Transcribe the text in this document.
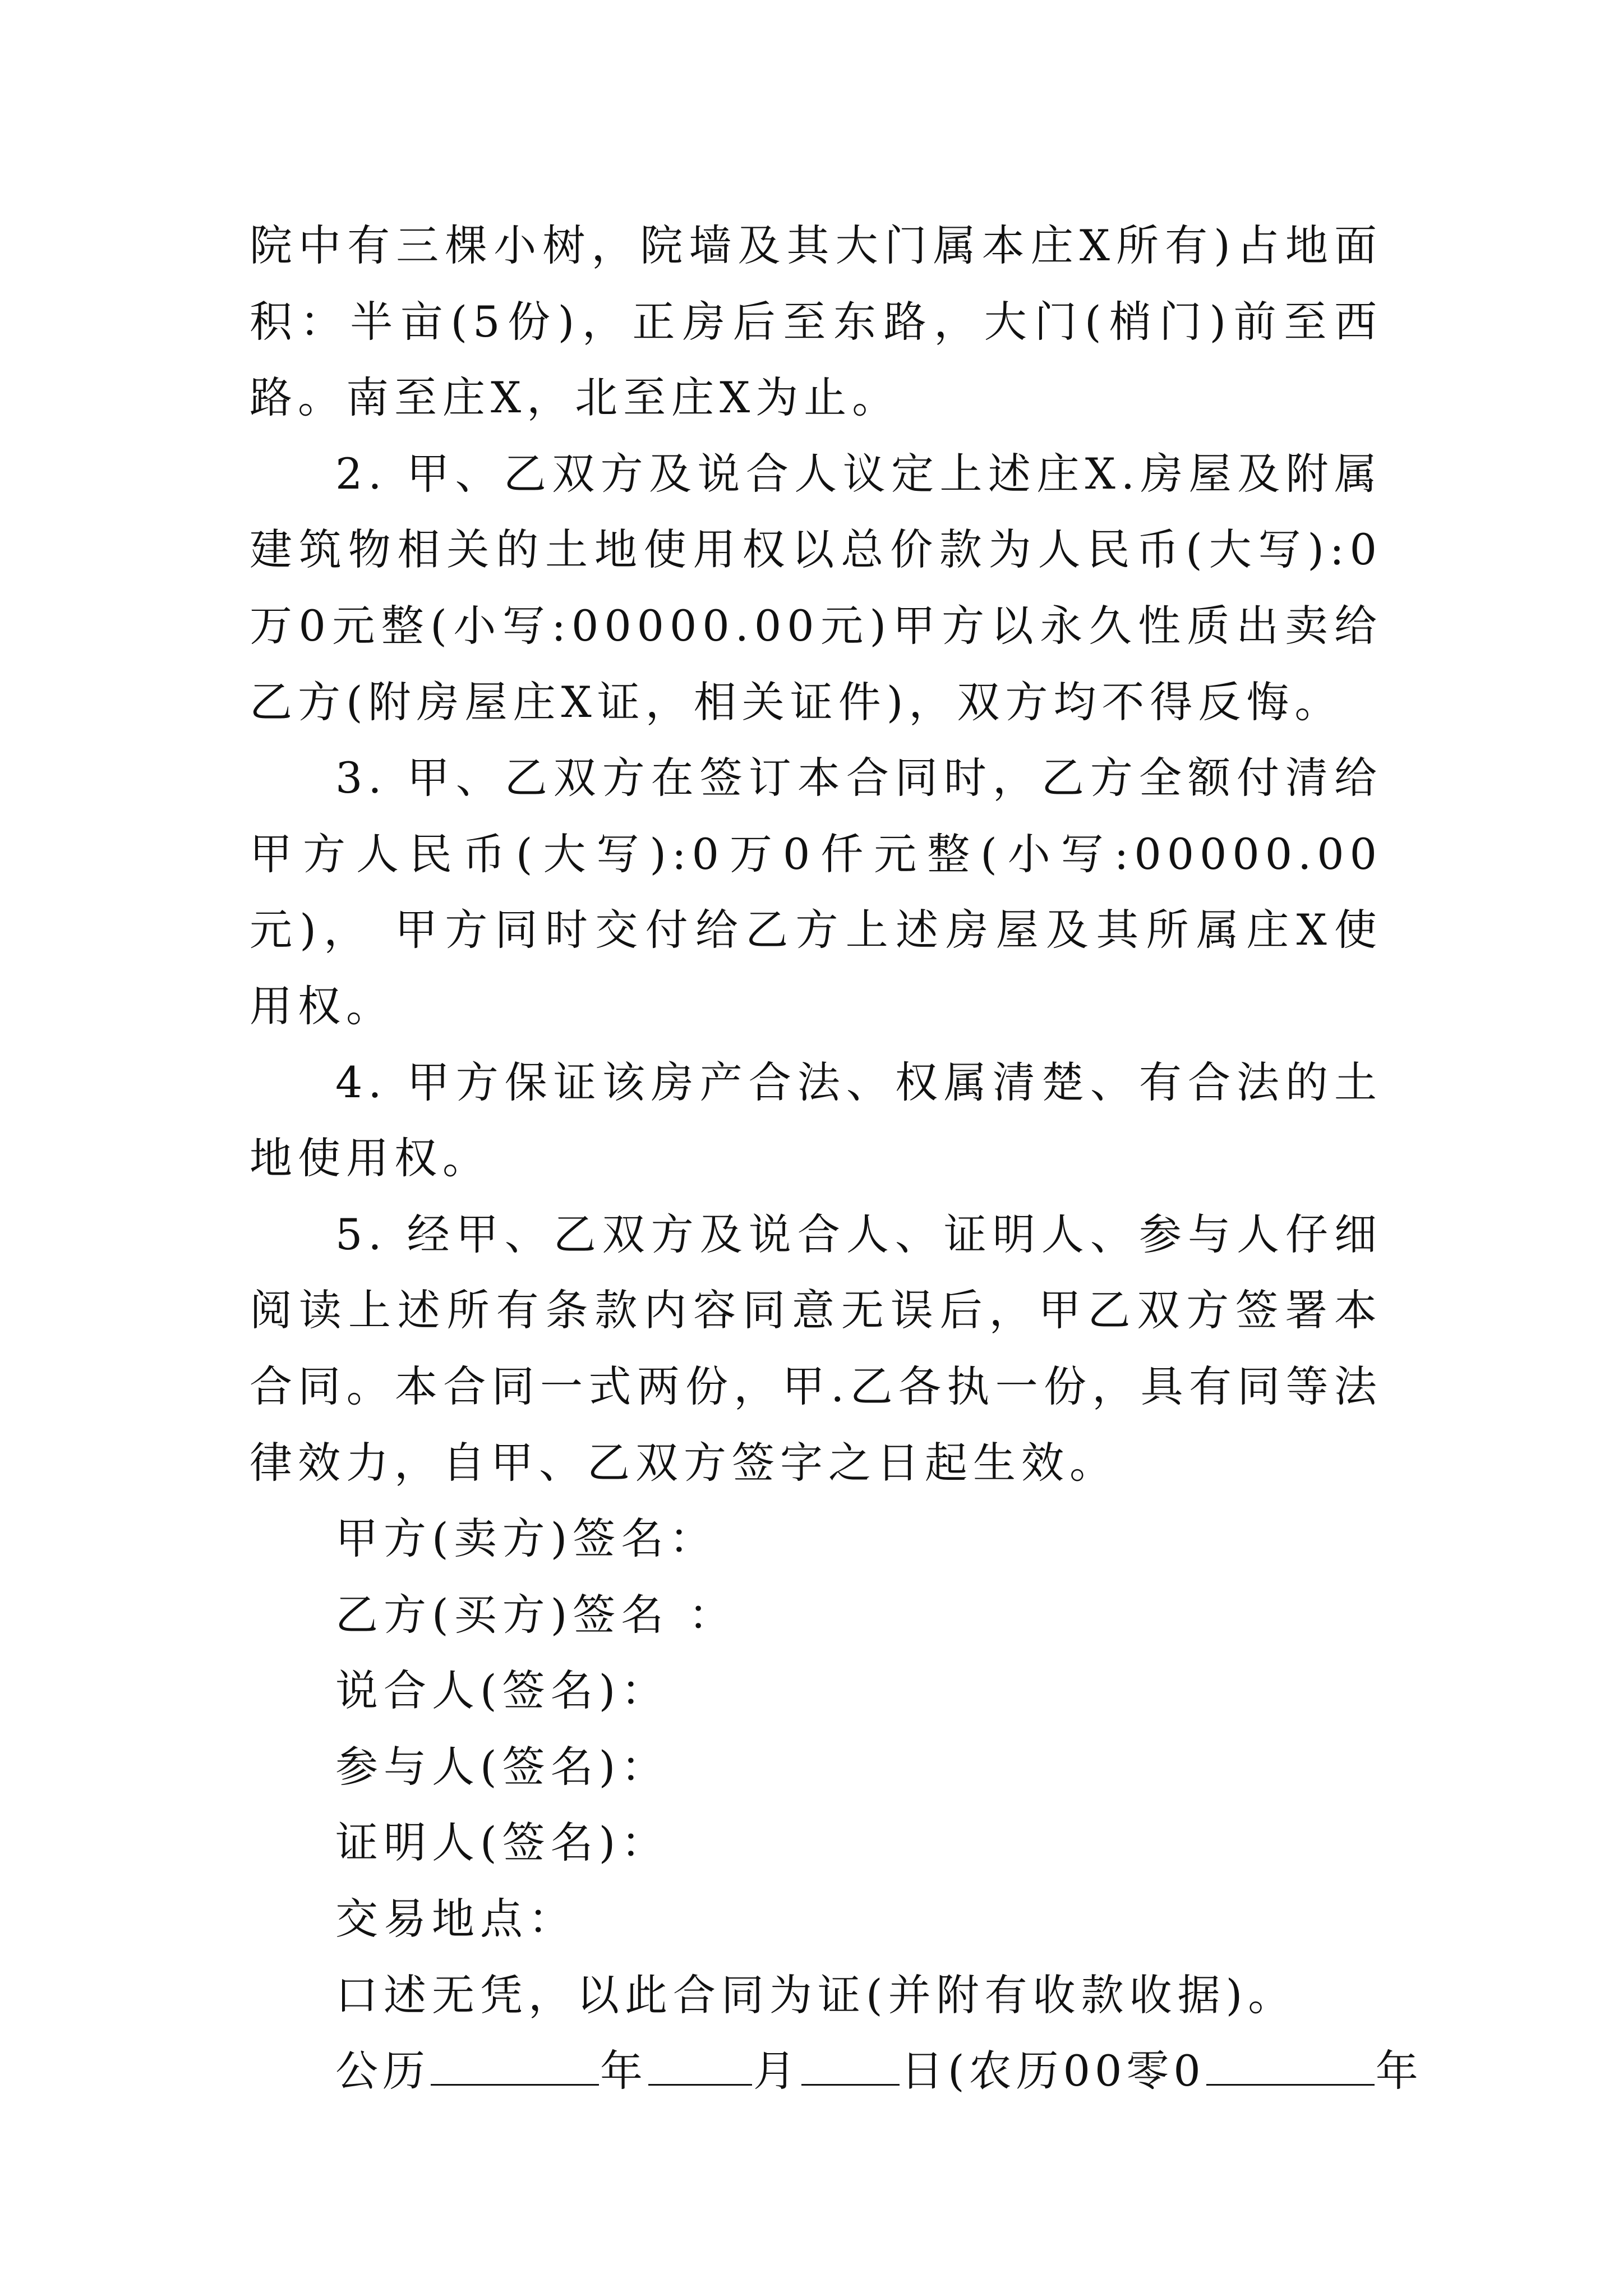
院中有三棵小树，院墙及其大门属本庄X所有)占地面积：半亩(5份)，正房后至东路，大门(梢门)前至西路。南至庄X，北至庄X为止。

2. 甲、乙双方及说合人议定上述庄X.房屋及附属建筑物相关的土地使用权以总价款为人民币(大写):0万0元整(小写:00000.00元)甲方以永久性质出卖给乙方(附房屋庄X证，相关证件)，双方均不得反悔。

3. 甲、乙双方在签订本合同时，乙方全额付清给甲方人民币(大写):0万0仟元整(小写:00000.00元)， 甲方同时交付给乙方上述房屋及其所属庄X使用权。

4. 甲方保证该房产合法、权属清楚、有合法的土地使用权。

5. 经甲、乙双方及说合人、证明人、参与人仔细阅读上述所有条款内容同意无误后，甲乙双方签署本合同。本合同一式两份，甲.乙各执一份，具有同等法律效力，自甲、乙双方签字之日起生效。

甲方(卖方)签名：

乙方(买方)签名 ：

说合人(签名)：

参与人(签名)：

证明人(签名)：

交易地点：

口述无凭，以此合同为证(并附有收款收据)。

公历	年 月 日(农历00零0	年
